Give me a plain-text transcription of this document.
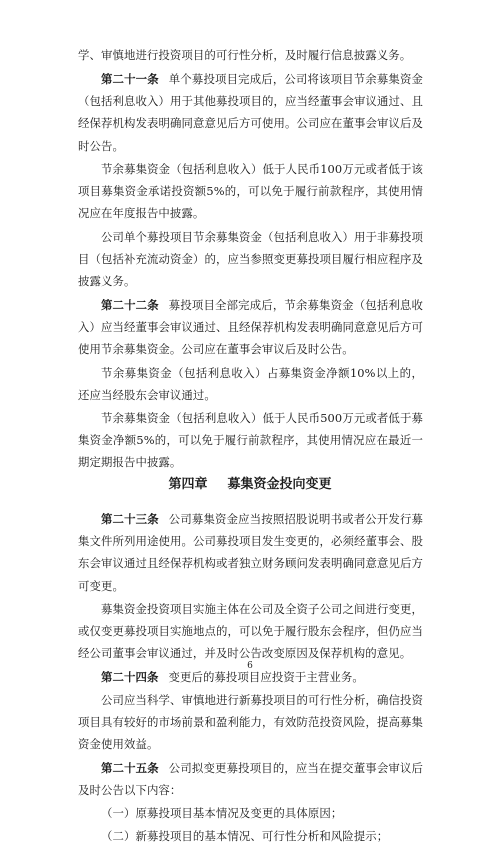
学、审慎地进行投资项目的可行性分析，及时履行信息披露义务。

第二十一条 单个募投项目完成后，公司将该项目节余募集资金（包括利息收入）用于其他募投项目的，应当经董事会审议通过、且经保荐机构发表明确同意意见后方可使用。公司应在董事会审议后及时公告。

节余募集资金（包括利息收入）低于人民币100万元或者低于该项目募集资金承诺投资额5%的，可以免于履行前款程序，其使用情况应在年度报告中披露。

公司单个募投项目节余募集资金（包括利息收入）用于非募投项目（包括补充流动资金）的，应当参照变更募投项目履行相应程序及披露义务。

第二十二条 募投项目全部完成后，节余募集资金（包括利息收入）应当经董事会审议通过、且经保荐机构发表明确同意意见后方可使用节余募集资金。公司应在董事会审议后及时公告。

节余募集资金（包括利息收入）占募集资金净额10%以上的，还应当经股东会审议通过。

节余募集资金（包括利息收入）低于人民币500万元或者低于募集资金净额5%的，可以免于履行前款程序，其使用情况应在最近一期定期报告中披露。

第四章 募集资金投向变更

第二十三条 公司募集资金应当按照招股说明书或者公开发行募集文件所列用途使用。公司募投项目发生变更的，必须经董事会、股东会审议通过且经保荐机构或者独立财务顾问发表明确同意意见后方可变更。

募集资金投资项目实施主体在公司及全资子公司之间进行变更，或仅变更募投项目实施地点的，可以免于履行股东会程序，但仍应当经公司董事会审议通过，并及时公告改变原因及保荐机构的意见。

第二十四条 变更后的募投项目应投资于主营业务。

公司应当科学、审慎地进行新募投项目的可行性分析，确信投资项目具有较好的市场前景和盈利能力，有效防范投资风险，提高募集资金使用效益。

第二十五条 公司拟变更募投项目的，应当在提交董事会审议后及时公告以下内容：

（一）原募投项目基本情况及变更的具体原因；

（二）新募投项目的基本情况、可行性分析和风险提示；

6
